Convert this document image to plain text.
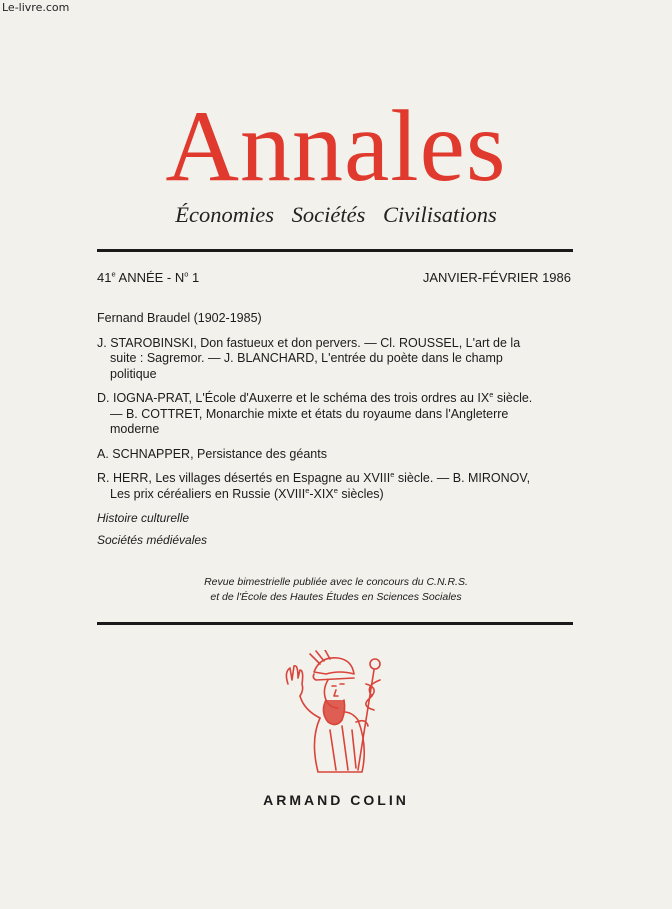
Le-livre.com
Annales
Économies Sociétés Civilisations
41e ANNÉE - $N^o$ 1	JANVIER-FÉVRIER 1986
Fernand Braudel (1902-1985)
J. STAROBINSKI, Don fastueux et don pervers. — Cl. ROUSSEL, L'art de la
suite : Sagremor. — J. BLANCHARD, L'entrée du poète dans le champ
politique
D. IOGNA-PRAT, L'École d'Auxerre et le schéma des trois ordres au IXe siècle.
— B. COTTRET, Monarchie mixte et états du royaume dans l'Angleterre
moderne
A. SCHNAPPER, Persistance des géants
R. HERR, Les villages désertés en Espagne au XVIIIe siècle. — B. MIRONOV,
Les prix céréaliers en Russie (XVIIIe-XIXe siècles)
Histoire culturelle
Sociétés médiévales
Revue bimestrielle publiée avec le concours du C.N.R.S.
et de l'École des Hautes Études en Sciences Sociales
ARMAND COLIN
